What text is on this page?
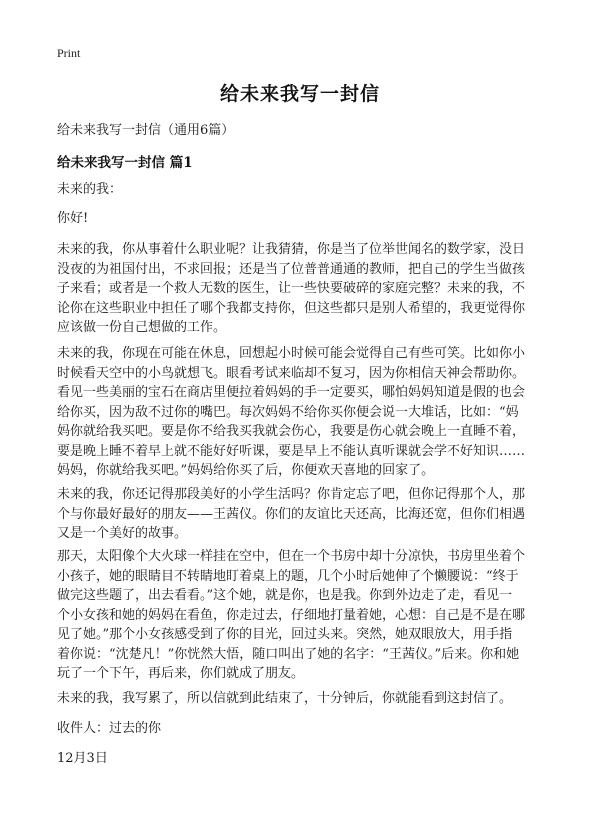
Print
给未来我写一封信
给未来我写一封信（通用6篇）
给未来我写一封信 篇1
未来的我：
你好!
未来的我，你从事着什么职业呢？让我猜猜，你是当了位举世闻名的数学家，没日
没夜的为祖国付出，不求回报；还是当了位普普通通的教师，把自己的学生当做孩
子来看；或者是一个救人无数的医生，让一些快要破碎的家庭完整？未来的我，不
论你在这些职业中担任了哪个我都支持你，但这些都只是别人希望的，我更觉得你
应该做一份自己想做的工作。
未来的我，你现在可能在休息，回想起小时候可能会觉得自己有些可笑。比如你小
时候看天空中的小鸟就想飞。眼看考试来临却不复习，因为你相信天神会帮助你。
看见一些美丽的宝石在商店里便拉着妈妈的手一定要买，哪怕妈妈知道是假的也会
给你买，因为敌不过你的嘴巴。每次妈妈不给你买你便会说一大堆话，比如：“妈
妈你就给我买吧。要是你不给我买我就会伤心，我要是伤心就会晚上一直睡不着，
要是晚上睡不着早上就不能好好听课，要是早上不能认真听课就会学不好知识……
妈妈，你就给我买吧。”妈妈给你买了后，你便欢天喜地的回家了。
未来的我，你还记得那段美好的小学生活吗？你肯定忘了吧，但你记得那个人，那
个与你最好最好的朋友——王茜仪。你们的友谊比天还高，比海还宽，但你们相遇
又是一个美好的故事。
那天，太阳像个大火球一样挂在空中，但在一个书房中却十分凉快，书房里坐着个
小孩子，她的眼睛目不转睛地盯着桌上的题，几个小时后她伸了个懒腰说：“终于
做完这些题了，出去看看。”这个她，就是你，也是我。你到外边走了走，看见一
个小女孩和她的妈妈在看鱼，你走过去，仔细地打量着她，心想：自己是不是在哪
见了她。”那个小女孩感受到了你的目光，回过头来。突然，她双眼放大，用手指
着你说：“沈楚凡！”你恍然大悟，随口叫出了她的名字：“王茜仪。”后来。你和她
玩了一个下午，再后来，你们就成了朋友。
未来的我，我写累了，所以信就到此结束了，十分钟后，你就能看到这封信了。
收件人：过去的你
12月3日
